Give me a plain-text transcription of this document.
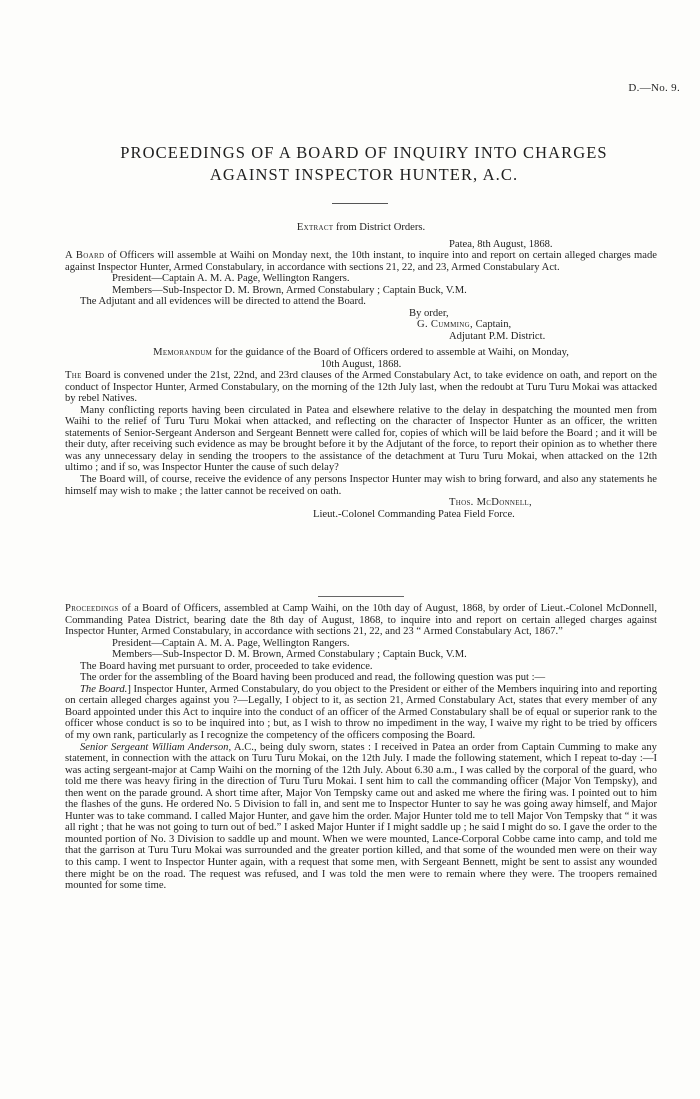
D.—No. 9.
PROCEEDINGS OF A BOARD OF INQUIRY INTO CHARGES
AGAINST INSPECTOR HUNTER, A.C.

Extract from District Orders.

Patea, 8th August, 1868.

A Board of Officers will assemble at Waihi on Monday next, the 10th instant, to inquire into and report on certain alleged charges made against Inspector Hunter, Armed Constabulary, in accordance with sections 21, 22, and 23, Armed Constabulary Act.

President—Captain A. M. A. Page, Wellington Rangers.

Members—Sub-Inspector D. M. Brown, Armed Constabulary ; Captain Buck, V.M.

The Adjutant and all evidences will be directed to attend the Board.

By order,

G. Cumming, Captain,

Adjutant P.M. District.

Memorandum for the guidance of the Board of Officers ordered to assemble at Waihi, on Monday,
10th August, 1868.

The Board is convened under the 21st, 22nd, and 23rd clauses of the Armed Constabulary Act, to take evidence on oath, and report on the conduct of Inspector Hunter, Armed Constabulary, on the morning of the 12th July last, when the redoubt at Turu Turu Mokai was attacked by rebel Natives.

Many conflicting reports having been circulated in Patea and elsewhere relative to the delay in despatching the mounted men from Waihi to the relief of Turu Turu Mokai when attacked, and reflecting on the character of Inspector Hunter as an officer, the written statements of Senior-Sergeant Anderson and Sergeant Bennett were called for, copies of which will be laid before the Board ; and it will be their duty, after receiving such evidence as may be brought before it by the Adjutant of the force, to report their opinion as to whether there was any unnecessary delay in sending the troopers to the assistance of the detachment at Turu Turu Mokai, when attacked on the 12th ultimo ; and if so, was Inspector Hunter the cause of such delay?

The Board will, of course, receive the evidence of any persons Inspector Hunter may wish to bring forward, and also any statements he himself may wish to make ; the latter cannot be received on oath.

Thos. McDonnell,

Lieut.-Colonel Commanding Patea Field Force.

Proceedings of a Board of Officers, assembled at Camp Waihi, on the 10th day of August, 1868, by order of Lieut.-Colonel McDonnell, Commanding Patea District, bearing date the 8th day of August, 1868, to inquire into and report on certain alleged charges against Inspector Hunter, Armed Constabulary, in accordance with sections 21, 22, and 23 “ Armed Constabulary Act, 1867.”

President—Captain A. M. A. Page, Wellington Rangers.

Members—Sub-Inspector D. M. Brown, Armed Constabulary ; Captain Buck, V.M.

The Board having met pursuant to order, proceeded to take evidence.

The order for the assembling of the Board having been produced and read, the following question was put :—

The Board.] Inspector Hunter, Armed Constabulary, do you object to the President or either of the Members inquiring into and reporting on certain alleged charges against you ?—Legally, I object to it, as section 21, Armed Constabulary Act, states that every member of any Board appointed under this Act to inquire into the conduct of an officer of the Armed Constabulary shall be of equal or superior rank to the officer whose conduct is so to be inquired into ; but, as I wish to throw no impediment in the way, I waive my right to be tried by officers of my own rank, particularly as I recognize the competency of the officers composing the Board.

Senior Sergeant William Anderson, A.C., being duly sworn, states : I received in Patea an order from Captain Cumming to make any statement, in connection with the attack on Turu Turu Mokai, on the 12th July. I made the following statement, which I repeat to-day :—I was acting sergeant-major at Camp Waihi on the morning of the 12th July. About 6.30 a.m., I was called by the corporal of the guard, who told me there was heavy firing in the direction of Turu Turu Mokai. I sent him to call the commanding officer (Major Von Tempsky), and then went on the parade ground. A short time after, Major Von Tempsky came out and asked me where the firing was. I pointed out to him the flashes of the guns. He ordered No. 5 Division to fall in, and sent me to Inspector Hunter to say he was going away himself, and Major Hunter was to take command. I called Major Hunter, and gave him the order. Major Hunter told me to tell Major Von Tempsky that “ it was all right ; that he was not going to turn out of bed.” I asked Major Hunter if I might saddle up ; he said I might do so. I gave the order to the mounted portion of No. 3 Division to saddle up and mount. When we were mounted, Lance-Corporal Cobbe came into camp, and told me that the garrison at Turu Turu Mokai was surrounded and the greater portion killed, and that some of the wounded men were on their way to this camp. I went to Inspector Hunter again, with a request that some men, with Sergeant Bennett, might be sent to assist any wounded there might be on the road. The request was refused, and I was told the men were to remain where they were. The troopers remained mounted for some time.
